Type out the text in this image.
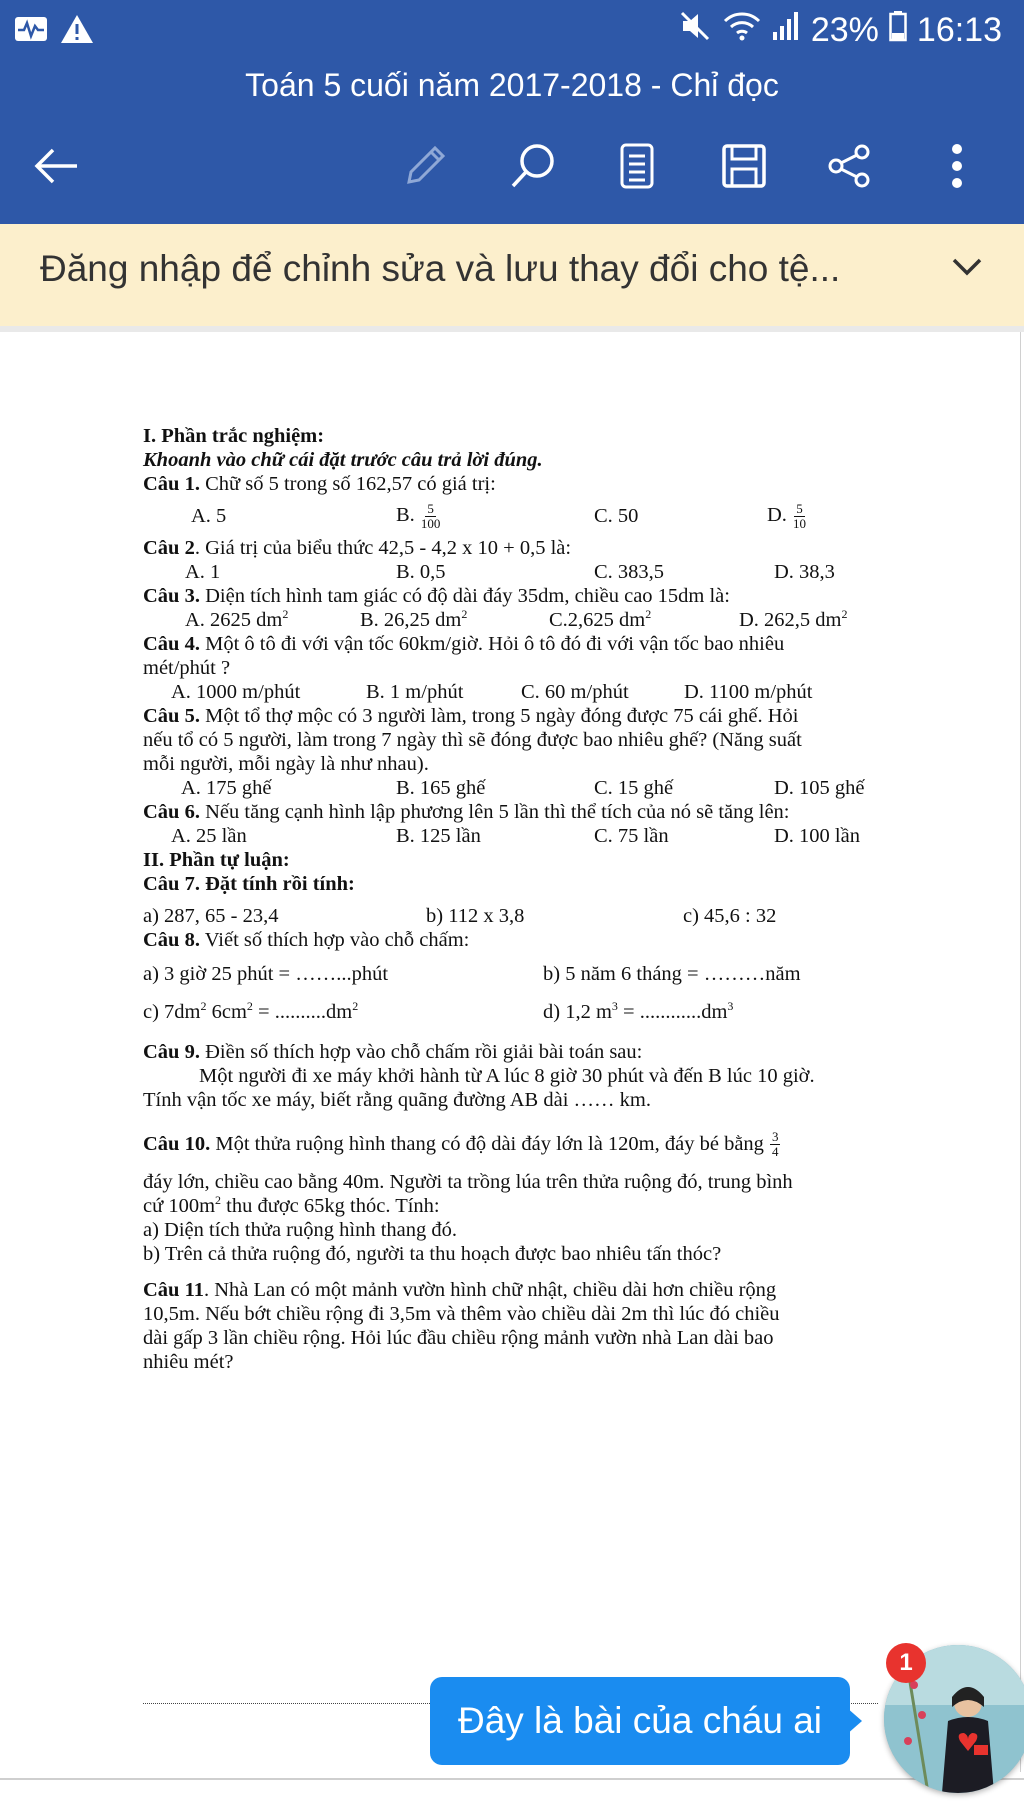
23% 16:13
Toán 5 cuối năm 2017-2018 - Chỉ đọc
Đăng nhập để chỉnh sửa và lưu thay đổi cho tệ...
I. Phần trắc nghiệm:
Khoanh vào chữ cái đặt trước câu trả lời đúng.
Câu 1. Chữ số 5 trong số 162,57 có giá trị:
A. 5	B. $\frac{5}{100}$	C. 50	D. $\frac{5}{10}$
Câu 2. Giá trị của biểu thức 42,5 - 4,2 x 10 + 0,5 là:
A. 1	B. 0,5	C. 383,5	D. 38,3
Câu 3. Diện tích hình tam giác có độ dài đáy 35dm, chiều cao 15dm là:
A. 2625 $dm^2$	B. 26,25 $dm^2$	C.2,625 $dm^2$	D. 262,5 $dm^2$
Câu 4. Một ô tô đi với vận tốc 60km/giờ. Hỏi ô tô đó đi với vận tốc bao nhiêu
mét/phút ?
A. 1000 m/phút	B. 1 m/phút	C. 60 m/phút	D. 1100 m/phút
Câu 5. Một tổ thợ mộc có 3 người làm, trong 5 ngày đóng được 75 cái ghế. Hỏi
nếu tổ có 5 người, làm trong 7 ngày thì sẽ đóng được bao nhiêu ghế? (Năng suất
mỗi người, mỗi ngày là như nhau).
A. 175 ghế	B. 165 ghế	C. 15 ghế	D. 105 ghế
Câu 6. Nếu tăng cạnh hình lập phương lên 5 lần thì thể tích của nó sẽ tăng lên:
A. 25 lần	B. 125 lần	C. 75 lần	D. 100 lần
II. Phần tự luận:
Câu 7. Đặt tính rồi tính:
a) 287, 65 - 23,4	b) 112 x 3,8	c) 45,6 : 32
Câu 8. Viết số thích hợp vào chỗ chấm:
a) 3 giờ 25 phút = ……...phút	b) 5 năm 6 tháng = ………năm
c) $7dm^2$ $6cm^2 = ..........dm^2$	d) 1,2 $m^3 = ............dm^3$
Câu 9. Điền số thích hợp vào chỗ chấm rồi giải bài toán sau:
Một người đi xe máy khởi hành từ A lúc 8 giờ 30 phút và đến B lúc 10 giờ.
Tính vận tốc xe máy, biết rằng quãng đường AB dài …… km.
Câu 10. Một thửa ruộng hình thang có độ dài đáy lớn là 120m, đáy bé bằng $\frac{3}{4}$
đáy lớn, chiều cao bằng 40m. Người ta trồng lúa trên thửa ruộng đó, trung bình
cứ $100m^2$ thu được 65kg thóc. Tính:
a) Diện tích thửa ruộng hình thang đó.
b) Trên cả thửa ruộng đó, người ta thu hoạch được bao nhiêu tấn thóc?
Câu 11. Nhà Lan có một mảnh vườn hình chữ nhật, chiều dài hơn chiều rộng
10,5m. Nếu bớt chiều rộng đi 3,5m và thêm vào chiều dài 2m thì lúc đó chiều
dài gấp 3 lần chiều rộng. Hỏi lúc đầu chiều rộng mảnh vườn nhà Lan dài bao
nhiêu mét?
Đây là bài của cháu ai
1
